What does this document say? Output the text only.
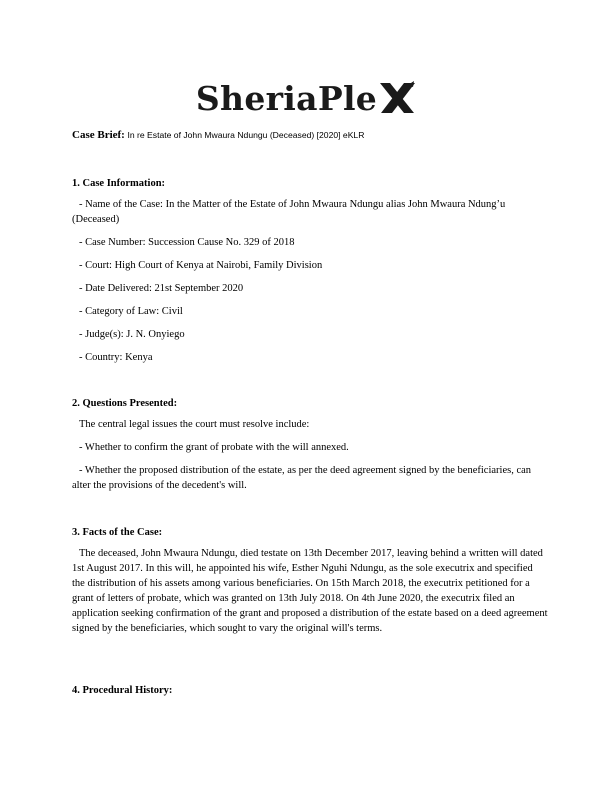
SheriaPle
Case Brief: In re Estate of John Mwaura Ndungu (Deceased) [2020] eKLR
1. Case Information:
- Name of the Case: In the Matter of the Estate of John Mwaura Ndungu alias John Mwaura Ndung’u (Deceased)
- Case Number: Succession Cause No. 329 of 2018
- Court: High Court of Kenya at Nairobi, Family Division
- Date Delivered: 21st September 2020
- Category of Law: Civil
- Judge(s): J. N. Onyiego
- Country: Kenya
2. Questions Presented:
The central legal issues the court must resolve include:
- Whether to confirm the grant of probate with the will annexed.
- Whether the proposed distribution of the estate, as per the deed agreement signed by the beneficiaries, can alter the provisions of the decedent's will.
3. Facts of the Case:
The deceased, John Mwaura Ndungu, died testate on 13th December 2017, leaving behind a written will dated 1st August 2017. In this will, he appointed his wife, Esther Nguhi Ndungu, as the sole executrix and specified the distribution of his assets among various beneficiaries. On 15th March 2018, the executrix petitioned for a grant of letters of probate, which was granted on 13th July 2018. On 4th June 2020, the executrix filed an application seeking confirmation of the grant and proposed a distribution of the estate based on a deed agreement signed by the beneficiaries, which sought to vary the original will's terms.
4. Procedural History:
